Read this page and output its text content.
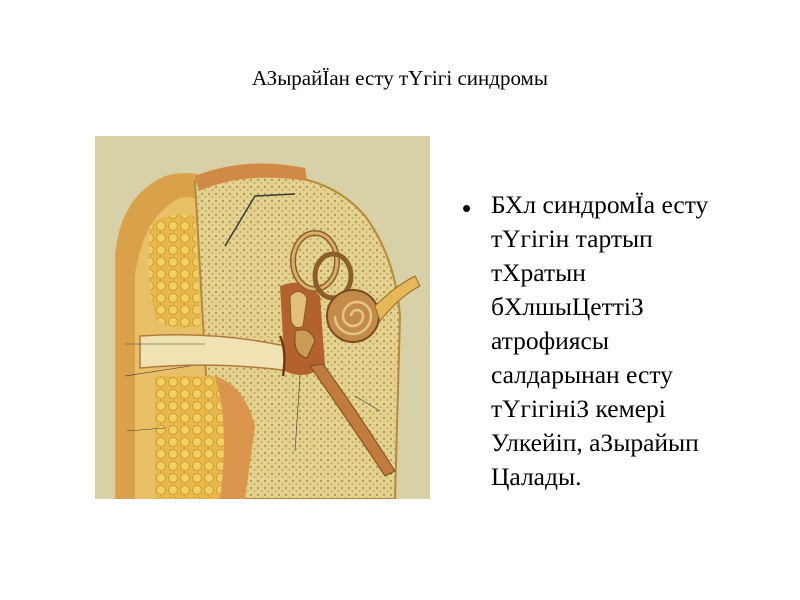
АЗырайЇан есту тҮгігі синдромы
• БХл синдромЇа есту
тҮгігін тартып
тХратын
бХлшыЦеттіЗ
атрофиясы
салдарынан есту
тҮгігініЗ кемері
Улкейіп, аЗырайып
Цалады.
